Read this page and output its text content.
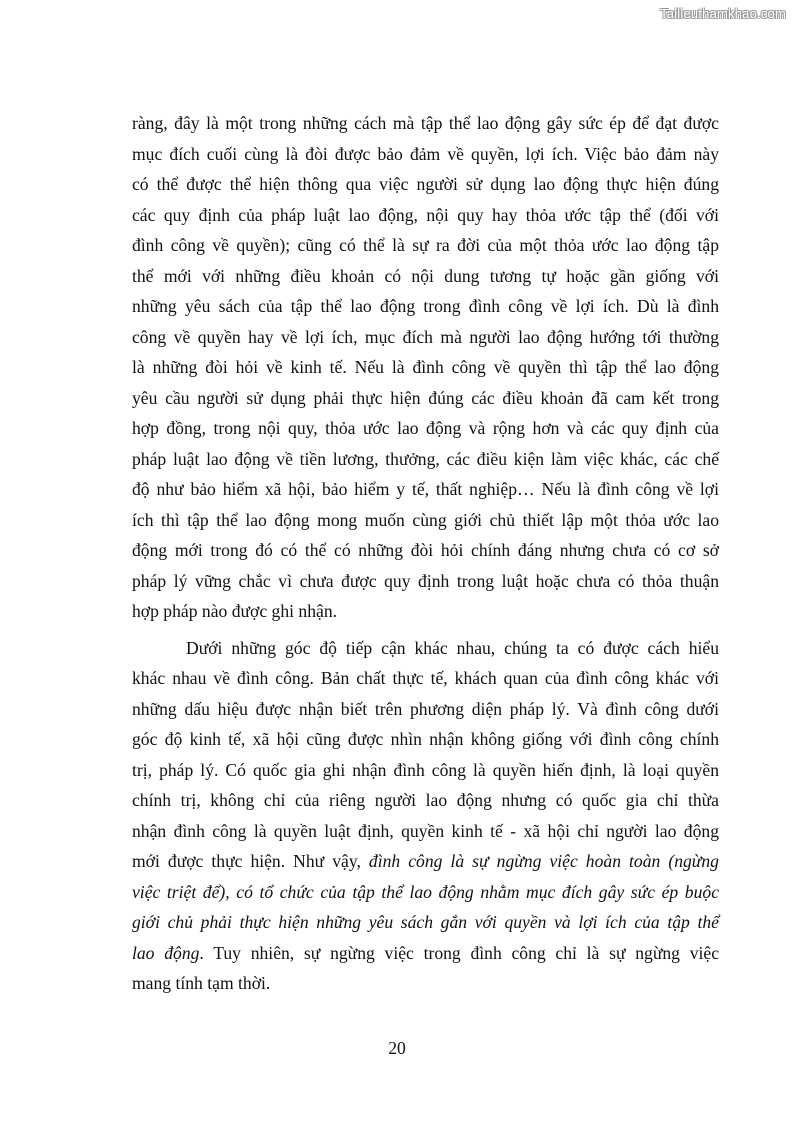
Tailieuthamkhao.com
ràng, đây là một trong những cách mà tập thể lao động gây sức ép để đạt được
mục đích cuối cùng là đòi được bảo đảm về quyền, lợi ích. Việc bảo đảm này
có thể được thể hiện thông qua việc người sử dụng lao động thực hiện đúng
các quy định của pháp luật lao động, nội quy hay thỏa ước tập thể (đối với
đình công về quyền); cũng có thể là sự ra đời của một thỏa ước lao động tập
thể mới với những điều khoản có nội dung tương tự hoặc gần giống với
những yêu sách của tập thể lao động trong đình công về lợi ích. Dù là đình
công về quyền hay về lợi ích, mục đích mà người lao động hướng tới thường
là những đòi hỏi về kinh tế. Nếu là đình công về quyền thì tập thể lao động
yêu cầu người sử dụng phải thực hiện đúng các điều khoản đã cam kết trong
hợp đồng, trong nội quy, thỏa ước lao động và rộng hơn và các quy định của
pháp luật lao động về tiền lương, thưởng, các điều kiện làm việc khác, các chế
độ như bảo hiểm xã hội, bảo hiểm y tế, thất nghiệp… Nếu là đình công về lợi
ích thì tập thể lao động mong muốn cùng giới chủ thiết lập một thỏa ước lao
động mới trong đó có thể có những đòi hỏi chính đáng nhưng chưa có cơ sở
pháp lý vững chắc vì chưa được quy định trong luật hoặc chưa có thỏa thuận
hợp pháp nào được ghi nhận.
Dưới những góc độ tiếp cận khác nhau, chúng ta có được cách hiểu
khác nhau về đình công. Bản chất thực tế, khách quan của đình công khác với
những dấu hiệu được nhận biết trên phương diện pháp lý. Và đình công dưới
góc độ kinh tế, xã hội cũng được nhìn nhận không giống với đình công chính
trị, pháp lý. Có quốc gia ghi nhận đình công là quyền hiến định, là loại quyền
chính trị, không chỉ của riêng người lao động nhưng có quốc gia chỉ thừa
nhận đình công là quyền luật định, quyền kinh tế - xã hội chỉ người lao động
mới được thực hiện. Như vậy, đình công là sự ngừng việc hoàn toàn (ngừng
việc triệt để), có tổ chức của tập thể lao động nhằm mục đích gây sức ép buộc
giới chủ phải thực hiện những yêu sách gắn với quyền và lợi ích của tập thể
lao động. Tuy nhiên, sự ngừng việc trong đình công chỉ là sự ngừng việc
mang tính tạm thời.
20
